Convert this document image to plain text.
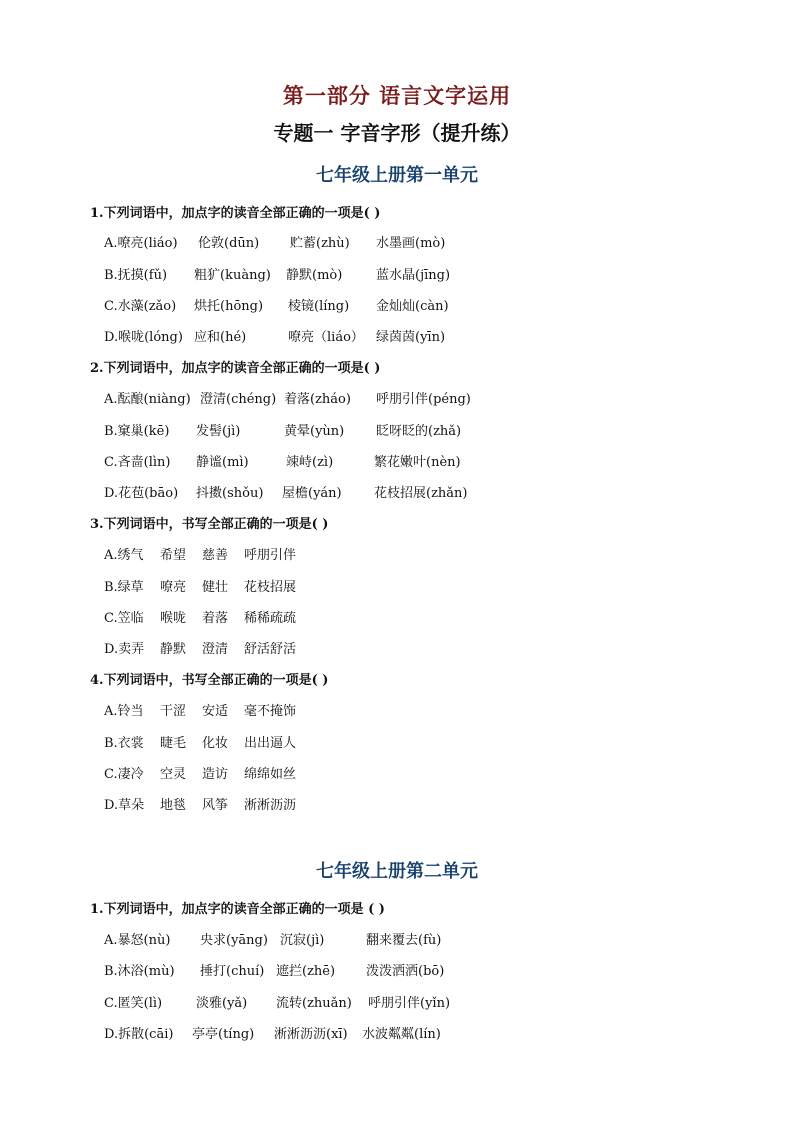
第一部分 语言文字运用
专题一 字音字形（提升练）
七年级上册第一单元
1.下列词语中，加点字的读音全部正确的一项是( )
A.嘹亮(liáo) 伦敦(dūn) 贮蓄(zhù) 水墨画(mò)
B.抚摸(fǔ) 粗犷(kuàng) 静默(mò)	蓝水晶(jīng)
C.水藻(zǎo) 烘托(hōng) 棱镜(líng) 金灿灿(càn)
D.喉咙(lóng) 应和(hé)	嘹亮（liáo） 绿茵茵(yīn)
2.下列词语中，加点字的读音全部正确的一项是( )
A.酝酿(niàng) 澄清(chéng) 着落(zháo) 呼朋引伴(péng)
B.窠巢(kē) 发髻(jì)	黄晕(yùn) 眨呀眨的(zhǎ)
C.吝啬(lìn) 静谧(mì)	竦峙(zì)	繁花嫩叶(nèn)
D.花苞(bāo) 抖擞(shǒu) 屋檐(yán) 花枝招展(zhǎn)
3.下列词语中，书写全部正确的一项是( )
A.绣气 希望 慈善 呼朋引伴
B.绿草 嘹亮 健壮 花枝招展
C.笠临 喉咙 着落 稀稀疏疏
D.卖弄 静默 澄清 舒活舒活
4.下列词语中，书写全部正确的一项是( )
A.铃当 干涩 安适 毫不掩饰
B.衣裳 睫毛 化妆 出出逼人
C.凄冷 空灵 造访 绵绵如丝
D.草朵 地毯 风筝 淅淅沥沥
七年级上册第二单元
1.下列词语中，加点字的读音全部正确的一项是 ( )
A.暴怒(nù) 央求(yāng) 沉寂(jì)	翻来覆去(fù)
B.沐浴(mù) 捶打(chuí) 遮拦(zhē) 泼泼洒洒(bō)
C.匿笑(lì)	淡雅(yǎ) 流转(zhuǎn) 呼朋引伴(yǐn)
D.拆散(cāi) 亭亭(tíng) 淅淅沥沥(xī) 水波粼粼(lín)
